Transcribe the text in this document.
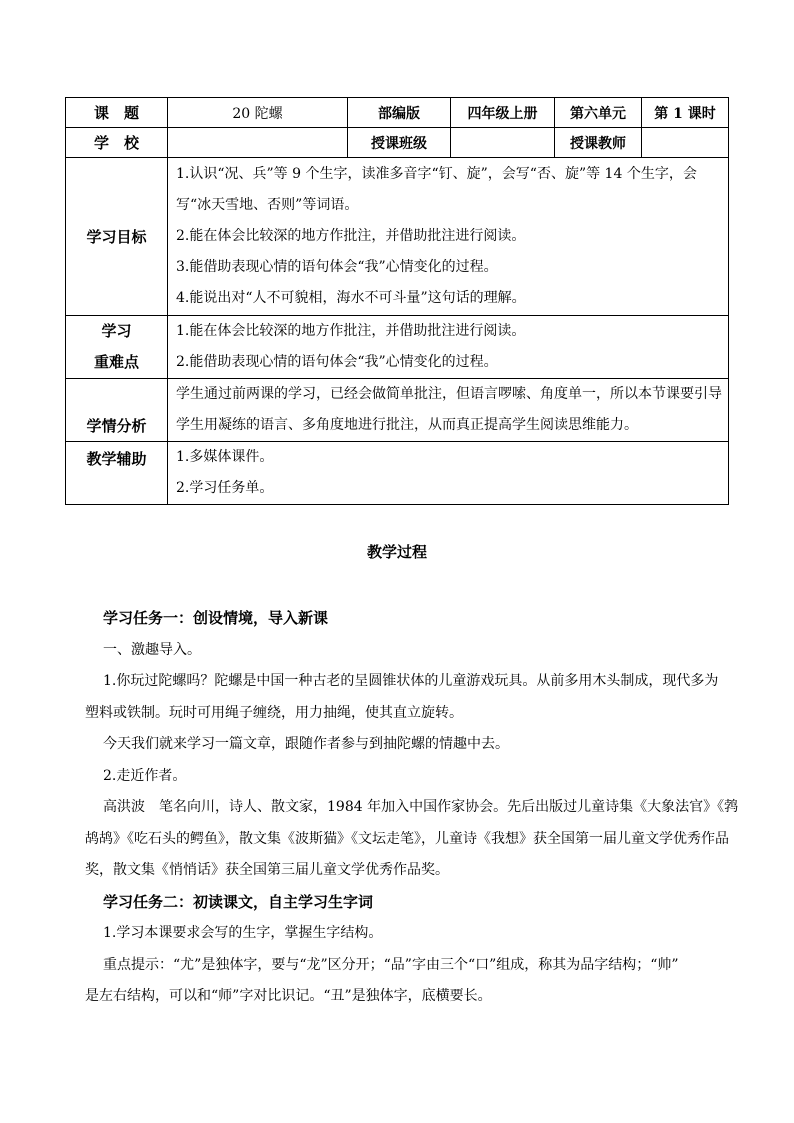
课　题	20 陀螺	部编版	四年级上册	第六单元	第 1 课时
学　校		授课班级		授课教师	
学习目标	1.认识“况、兵”等 9 个生字，读准多音字“钉、旋”，会写“否、旋”等 14 个生字，会
写“冰天雪地、否则”等词语。
2.能在体会比较深的地方作批注，并借助批注进行阅读。
3.能借助表现心情的语句体会“我”心情变化的过程。
4.能说出对“人不可貌相，海水不可斗量”这句话的理解。				

学习
重难点	1.能在体会比较深的地方作批注，并借助批注进行阅读。
2.能借助表现心情的语句体会“我”心情变化的过程。				

学情分析	学生通过前两课的学习，已经会做简单批注，但语言啰嗦、角度单一，所以本节课要引导
学生用凝练的语言、多角度地进行批注，从而真正提高学生阅读思维能力。				

教学辅助	1.多媒体课件。
2.学习任务单。				
教学过程

学习任务一：创设情境，导入新课

一、激趣导入。

1.你玩过陀螺吗？陀螺是中国一种古老的呈圆锥状体的儿童游戏玩具。从前多用木头制成，现代多为

塑料或铁制。玩时可用绳子缠绕，用力抽绳，使其直立旋转。

今天我们就来学习一篇文章，跟随作者参与到抽陀螺的情趣中去。

2.走近作者。

高洪波　笔名向川，诗人、散文家，1984 年加入中国作家协会。先后出版过儿童诗集《大象法官》《鹁

鸪鸪》《吃石头的鳄鱼》，散文集《波斯猫》《文坛走笔》，儿童诗《我想》获全国第一届儿童文学优秀作品

奖，散文集《悄悄话》获全国第三届儿童文学优秀作品奖。

学习任务二：初读课文，自主学习生字词

1.学习本课要求会写的生字，掌握生字结构。

重点提示：“尤”是独体字，要与“龙”区分开；“品”字由三个“口”组成，称其为品字结构；“帅”

是左右结构，可以和“师”字对比识记。“丑”是独体字，底横要长。
